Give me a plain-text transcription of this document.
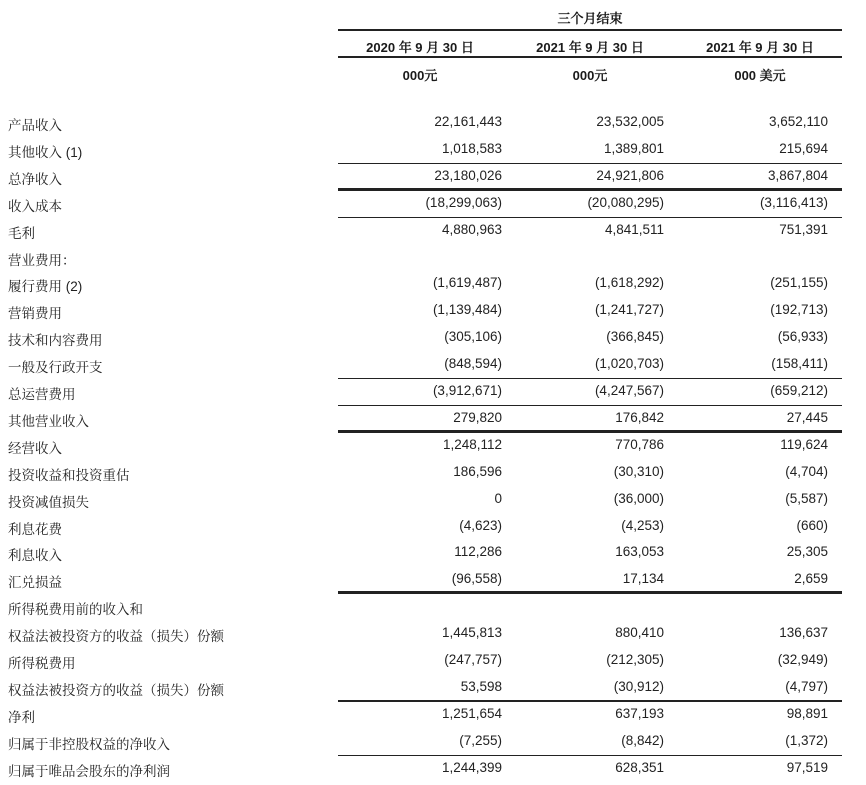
三个月结束
2020 年 9 月 30 日	2021 年 9 月 30 日	2021 年 9 月 30 日
000元	000元	000 美元
产品收入	22,161,443	23,532,005	3,652,110
其他收入 (1)	1,018,583	1,389,801	215,694
总净收入	23,180,026	24,921,806	3,867,804
收入成本	(18,299,063)	(20,080,295)	(3,116,413)
毛利	4,880,963	4,841,511	751,391
营业费用：
履行费用 (2)	(1,619,487)	(1,618,292)	(251,155)
营销费用	(1,139,484)	(1,241,727)	(192,713)
技术和内容费用	(305,106)	(366,845)	(56,933)
一般及行政开支	(848,594)	(1,020,703)	(158,411)
总运营费用	(3,912,671)	(4,247,567)	(659,212)
其他营业收入	279,820	176,842	27,445
经营收入	1,248,112	770,786	119,624
投资收益和投资重估	186,596	(30,310)	(4,704)
投资减值损失	0	(36,000)	(5,587)
利息花费	(4,623)	(4,253)	(660)
利息收入	112,286	163,053	25,305
汇兑损益	(96,558)	17,134	2,659
所得税费用前的收入和
权益法被投资方的收益（损失）份额	1,445,813	880,410	136,637
所得税费用	(247,757)	(212,305)	(32,949)
权益法被投资方的收益（损失）份额	53,598	(30,912)	(4,797)
净利	1,251,654	637,193	98,891
归属于非控股权益的净收入	(7,255)	(8,842)	(1,372)
归属于唯品会股东的净利润	1,244,399	628,351	97,519
